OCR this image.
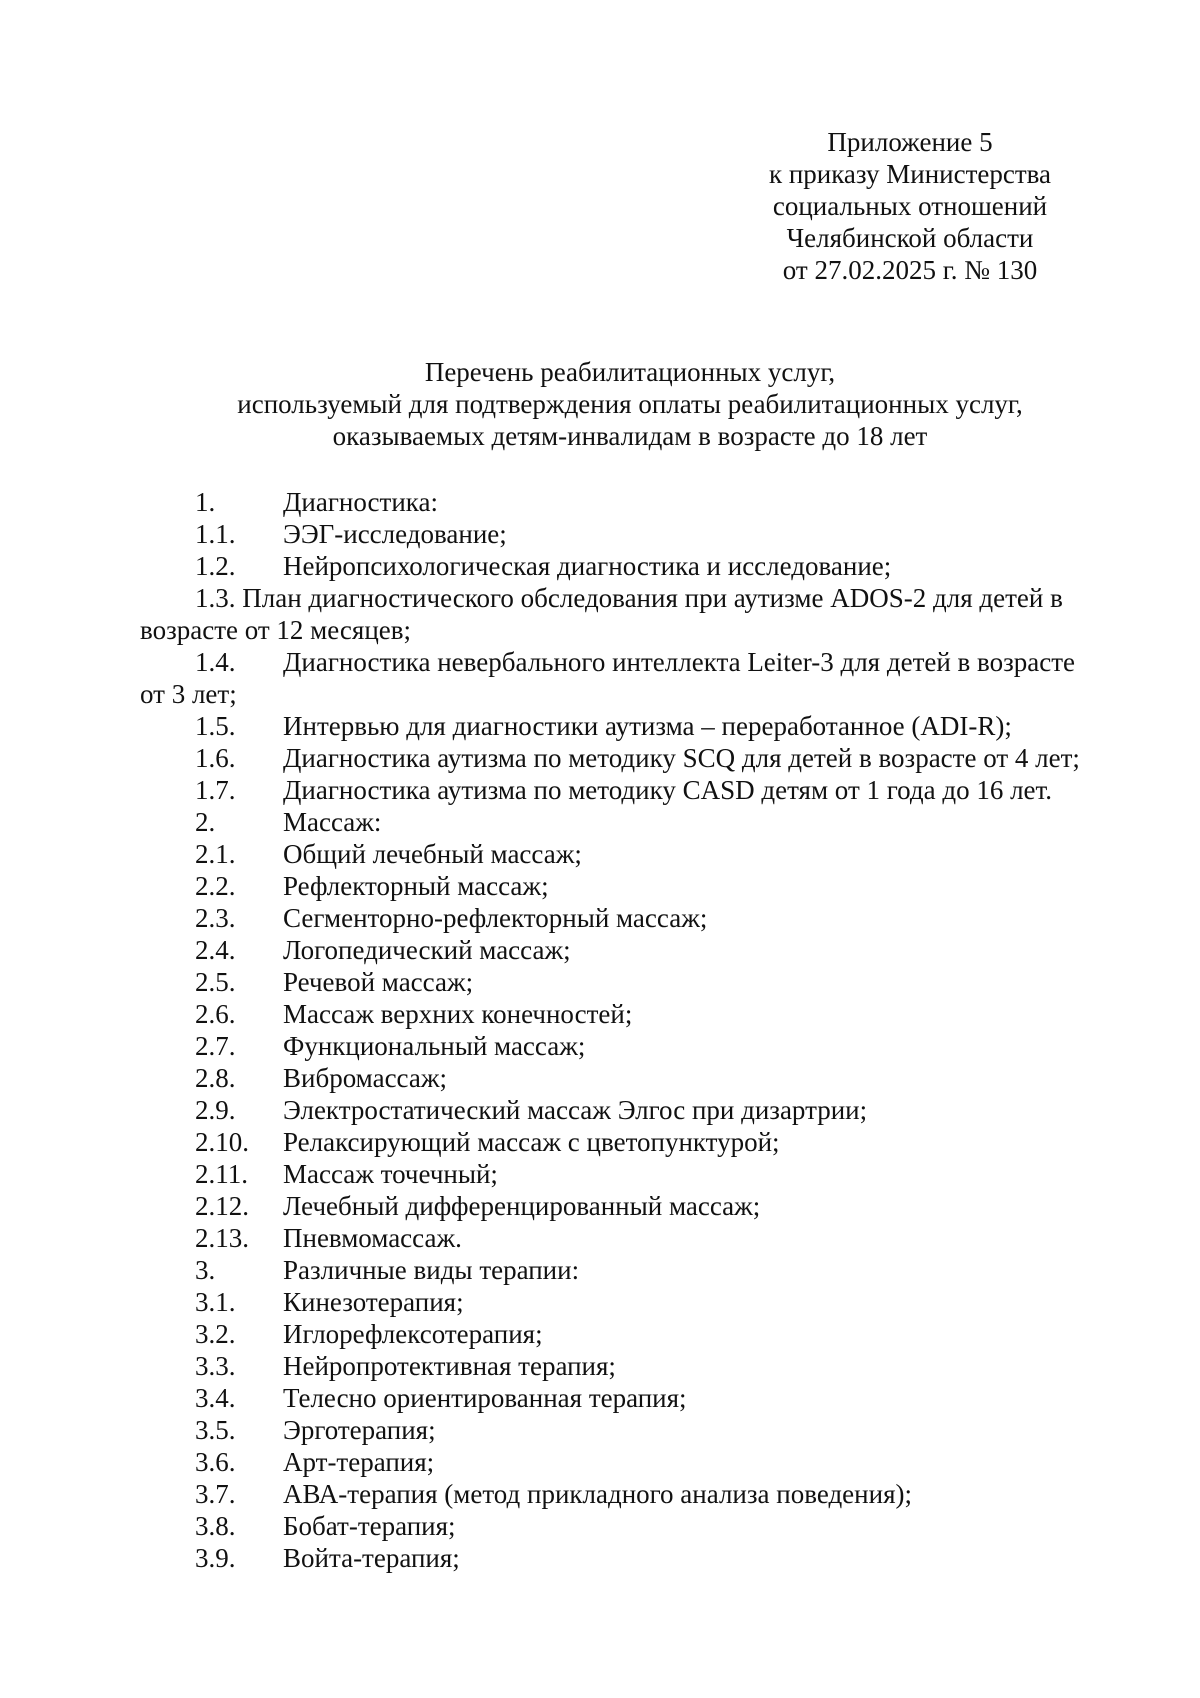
Приложение 5
к приказу Министерства
социальных отношений
Челябинской области
от 27.02.2025 г. № 130
Перечень реабилитационных услуг,
используемый для подтверждения оплаты реабилитационных услуг,
оказываемых детям-инвалидам в возрасте до 18 лет
1.	Диагностика:
1.1. ЭЭГ-исследование;
1.2. Нейропсихологическая диагностика и исследование;
1.3. План диагностического обследования при аутизме ADOS-2 для детей в
возрасте от 12 месяцев;
1.4. Диагностика невербального интеллекта Leiter-3 для детей в возрасте
от 3 лет;
1.5. Интервью для диагностики аутизма – переработанное (ADI-R);
1.6. Диагностика аутизма по методику SCQ для детей в возрасте от 4 лет;
1.7. Диагностика аутизма по методику CASD детям от 1 года до 16 лет.
2.	Массаж:
2.1. Общий лечебный массаж;
2.2. Рефлекторный массаж;
2.3. Сегменторно-рефлекторный массаж;
2.4. Логопедический массаж;
2.5. Речевой массаж;
2.6. Массаж верхних конечностей;
2.7. Функциональный массаж;
2.8. Вибромассаж;
2.9. Электростатический массаж Элгос при дизартрии;
2.10. Релаксирующий массаж с цветопунктурой;
2.11. Массаж точечный;
2.12. Лечебный дифференцированный массаж;
2.13. Пневмомассаж.
3.	Различные виды терапии:
3.1. Кинезотерапия;
3.2. Иглорефлексотерапия;
3.3. Нейропротективная терапия;
3.4. Телесно ориентированная терапия;
3.5. Эрготерапия;
3.6. Арт-терапия;
3.7. АВА-терапия (метод прикладного анализа поведения);
3.8. Бобат-терапия;
3.9. Войта-терапия;
